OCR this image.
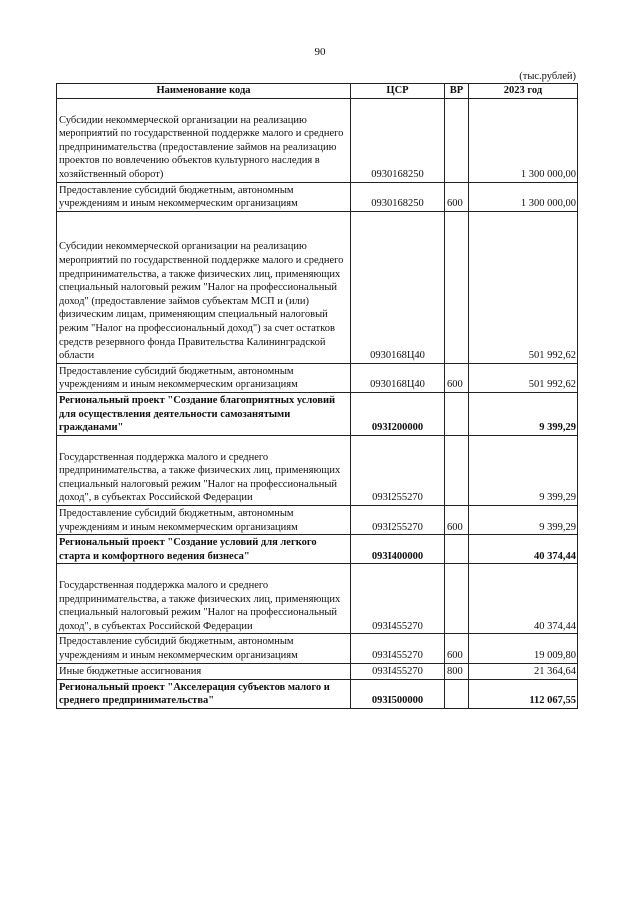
90
(тыс.рублей)
Наименование кода	ЦСР	ВР	2023 год
Субсидии некоммерческой организации на реализацию мероприятий по государственной поддержке малого и среднего предпринимательства (предоставление займов на реализацию проектов по вовлечению объектов культурного наследия в хозяйственный оборот)	0930168250		1 300 000,00
Предоставление субсидий бюджетным, автономным учреждениям и иным некоммерческим организациям	0930168250	600	1 300 000,00
Субсидии некоммерческой организации на реализацию мероприятий по государственной поддержке малого и среднего предпринимательства, а также физических лиц, применяющих специальный налоговый режим "Налог на профессиональный доход" (предоставление займов субъектам МСП и (или) физическим лицам, применяющим специальный налоговый режим "Налог на профессиональный доход") за счет остатков средств резервного фонда Правительства Калининградской области	0930168Ц40		501 992,62
Предоставление субсидий бюджетным, автономным учреждениям и иным некоммерческим организациям	0930168Ц40	600	501 992,62
Региональный проект "Создание благоприятных условий для осуществления деятельности самозанятыми гражданами"	093I200000		9 399,29
Государственная поддержка малого и среднего предпринимательства, а также физических лиц, применяющих специальный налоговый режим "Налог на профессиональный доход", в субъектах Российской Федерации	093I255270		9 399,29
Предоставление субсидий бюджетным, автономным учреждениям и иным некоммерческим организациям	093I255270	600	9 399,29
Региональный проект "Создание условий для легкого старта и комфортного ведения бизнеса"	093I400000		40 374,44
Государственная поддержка малого и среднего предпринимательства, а также физических лиц, применяющих специальный налоговый режим "Налог на профессиональный доход", в субъектах Российской Федерации	093I455270		40 374,44
Предоставление субсидий бюджетным, автономным учреждениям и иным некоммерческим организациям	093I455270	600	19 009,80
Иные бюджетные ассигнования	093I455270	800	21 364,64
Региональный проект "Акселерация субъектов малого и среднего предпринимательства"	093I500000		112 067,55
